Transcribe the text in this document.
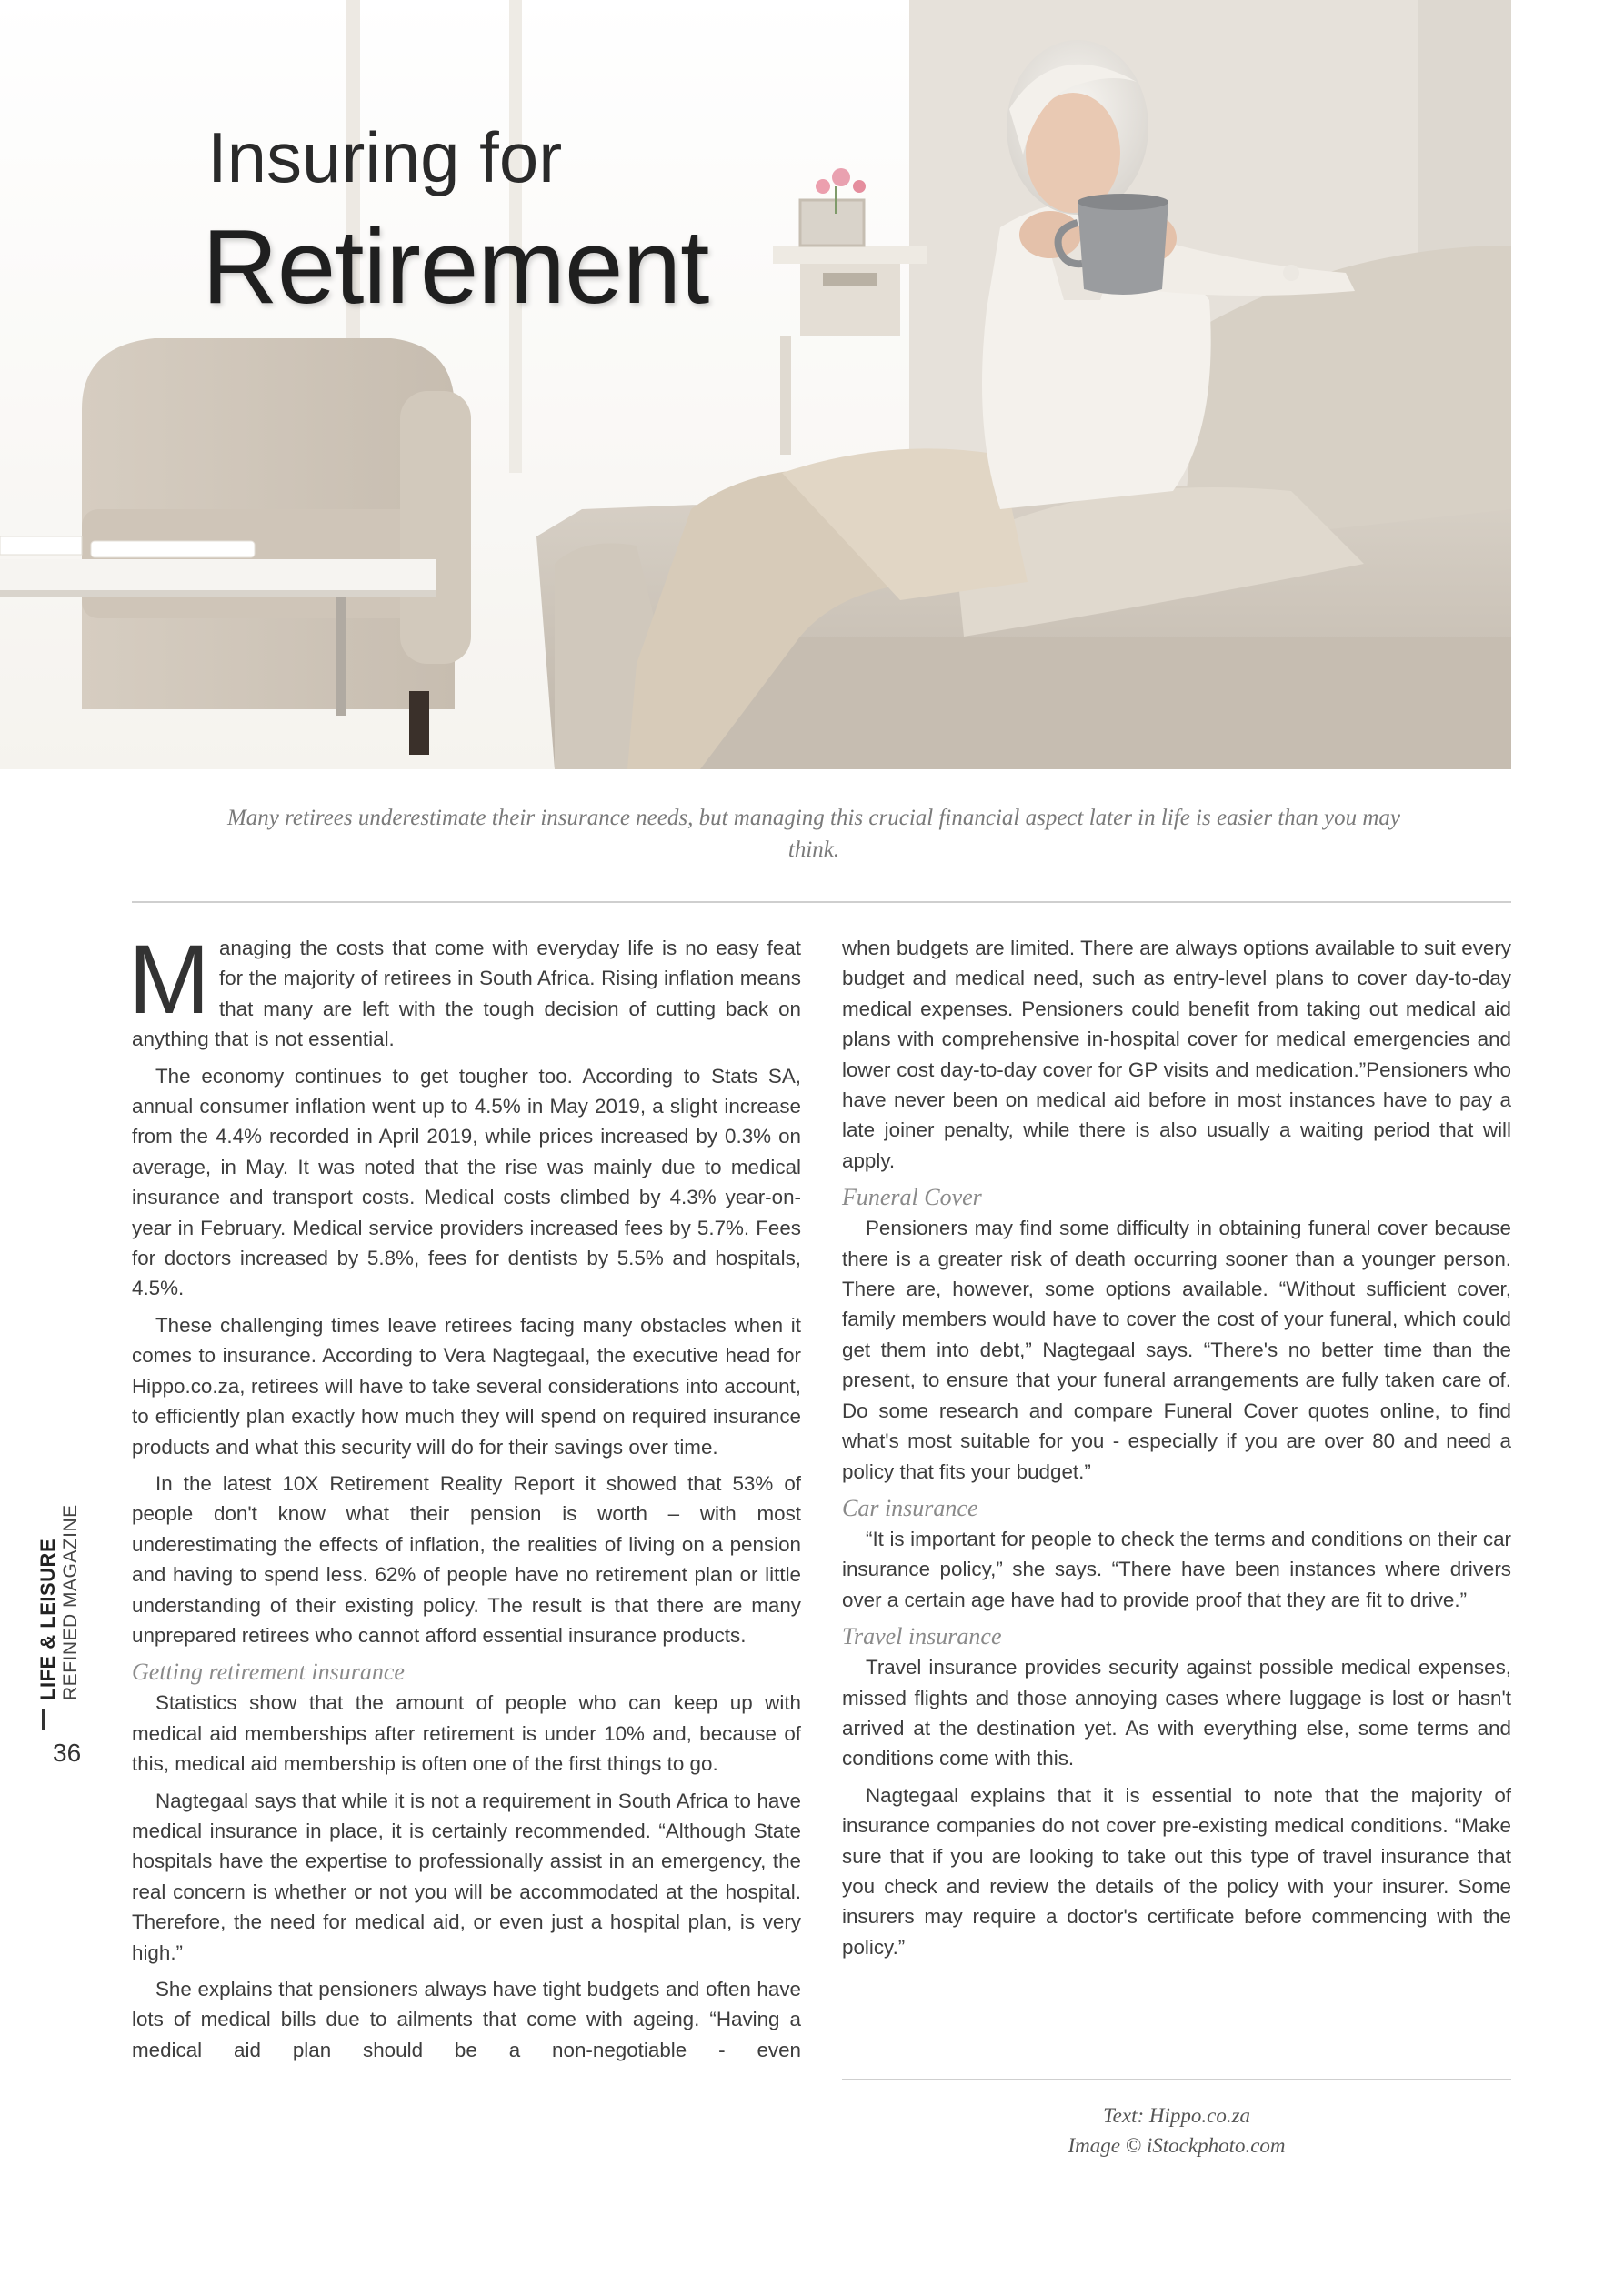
Insuring for
Retirement

Many retirees underestimate their insurance needs, but managing this crucial financial aspect later in life is easier than you may think.

LIFE & LEISURE REFINED MAGAZINE
36

Managing the costs that come with everyday life is no easy feat for the majority of retirees in South Africa. Rising inflation means that many are left with the tough decision of cutting back on anything that is not essential.

The economy continues to get tougher too. According to Stats SA, annual consumer inflation went up to 4.5% in May 2019, a slight increase from the 4.4% recorded in April 2019, while prices increased by 0.3% on average, in May. It was noted that the rise was mainly due to medical insurance and transport costs. Medical costs climbed by 4.3% year-on-year in February. Medical service providers increased fees by 5.7%. Fees for doctors increased by 5.8%, fees for dentists by 5.5% and hospitals, 4.5%.

These challenging times leave retirees facing many obstacles when it comes to insurance. According to Vera Nagtegaal, the executive head for Hippo.co.za, retirees will have to take several considerations into account, to efficiently plan exactly how much they will spend on required insurance products and what this security will do for their savings over time.

In the latest 10X Retirement Reality Report it showed that 53% of people don't know what their pension is worth – with most underestimating the effects of inflation, the realities of living on a pension and having to spend less. 62% of people have no retirement plan or little understanding of their existing policy. The result is that there are many unprepared retirees who cannot afford essential insurance products.

Getting retirement insurance

Statistics show that the amount of people who can keep up with medical aid memberships after retirement is under 10% and, because of this, medical aid membership is often one of the first things to go.

Nagtegaal says that while it is not a requirement in South Africa to have medical insurance in place, it is certainly recommended. “Although State hospitals have the expertise to professionally assist in an emergency, the real concern is whether or not you will be accommodated at the hospital. Therefore, the need for medical aid, or even just a hospital plan, is very high.”

She explains that pensioners always have tight budgets and often have lots of medical bills due to ailments that come with ageing. “Having a medical aid plan should be a non-negotiable - even

when budgets are limited. There are always options available to suit every budget and medical need, such as entry-level plans to cover day-to-day medical expenses. Pensioners could benefit from taking out medical aid plans with comprehensive in-hospital cover for medical emergencies and lower cost day-to-day cover for GP visits and medication.”Pensioners who have never been on medical aid before in most instances have to pay a late joiner penalty, while there is also usually a waiting period that will apply.

Funeral Cover

Pensioners may find some difficulty in obtaining funeral cover because there is a greater risk of death occurring sooner than a younger person. There are, however, some options available. “Without sufficient cover, family members would have to cover the cost of your funeral, which could get them into debt,” Nagtegaal says. “There's no better time than the present, to ensure that your funeral arrangements are fully taken care of. Do some research and compare Funeral Cover quotes online, to find what's most suitable for you - especially if you are over 80 and need a policy that fits your budget.”

Car insurance

“It is important for people to check the terms and conditions on their car insurance policy,” she says. “There have been instances where drivers over a certain age have had to provide proof that they are fit to drive.”

Travel insurance

Travel insurance provides security against possible medical expenses, missed flights and those annoying cases where luggage is lost or hasn't arrived at the destination yet. As with everything else, some terms and conditions come with this.

Nagtegaal explains that it is essential to note that the majority of insurance companies do not cover pre-existing medical conditions. “Make sure that if you are looking to take out this type of travel insurance that you check and review the details of the policy with your insurer. Some insurers may require a doctor's certificate before commencing with the policy.”

Text: Hippo.co.za
Image © iStockphoto.com
